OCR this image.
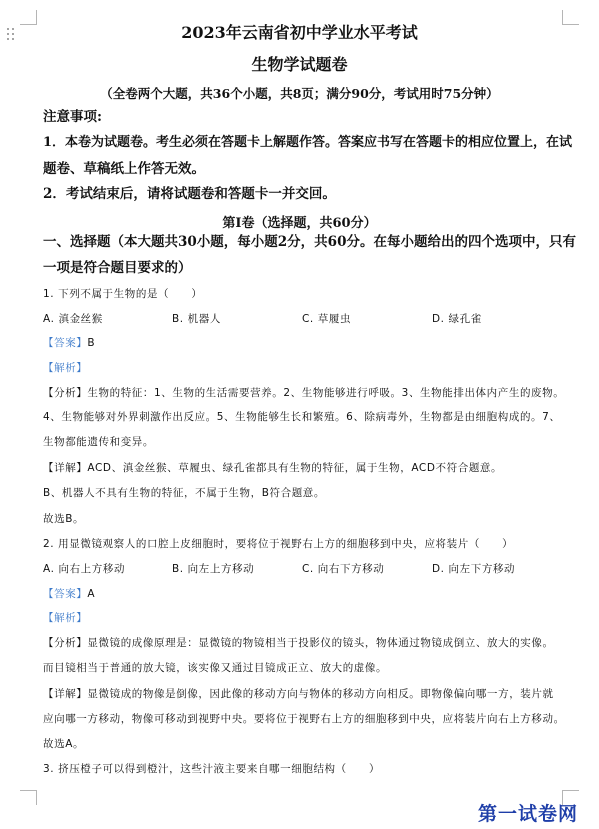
2023年云南省初中学业水平考试
生物学试题卷
（全卷两个大题，共36个小题，共8页；满分90分，考试用时75分钟）
注意事项:
1．本卷为试题卷。考生必须在答题卡上解题作答。答案应书写在答题卡的相应位置上，在试
题卷、草稿纸上作答无效。
2．考试结束后，请将试题卷和答题卡一并交回。
第Ⅰ卷（选择题，共60分）
一、选择题（本大题共30小题，每小题2分，共60分。在每小题给出的四个选项中，只有
一项是符合题目要求的）
1. 下列不属于生物的是（　　）
A. 滇金丝猴	B. 机器人	C. 草履虫	D. 绿孔雀
【答案】B
【解析】
【分析】生物的特征：1、生物的生活需要营养。2、生物能够进行呼吸。3、生物能排出体内产生的废物。
4、生物能够对外界刺激作出反应。5、生物能够生长和繁殖。6、除病毒外，生物都是由细胞构成的。7、
生物都能遗传和变异。
【详解】ACD、滇金丝猴、草履虫、绿孔雀都具有生物的特征，属于生物，ACD不符合题意。
B、机器人不具有生物的特征，不属于生物，B符合题意。
故选B。
2. 用显微镜观察人的口腔上皮细胞时，要将位于视野右上方的细胞移到中央，应将装片（　　）
A. 向右上方移动	B. 向左上方移动	C. 向右下方移动	D. 向左下方移动
【答案】A
【解析】
【分析】显微镜的成像原理是：显微镜的物镜相当于投影仪的镜头，物体通过物镜成倒立、放大的实像。
而目镜相当于普通的放大镜，该实像又通过目镜成正立、放大的虚像。
【详解】显微镜成的物像是倒像，因此像的移动方向与物体的移动方向相反。即物像偏向哪一方，装片就
应向哪一方移动，物像可移动到视野中央。要将位于视野右上方的细胞移到中央，应将装片向右上方移动。
故选A。
3. 挤压橙子可以得到橙汁，这些汁液主要来自哪一细胞结构（　　）
第一试卷网
